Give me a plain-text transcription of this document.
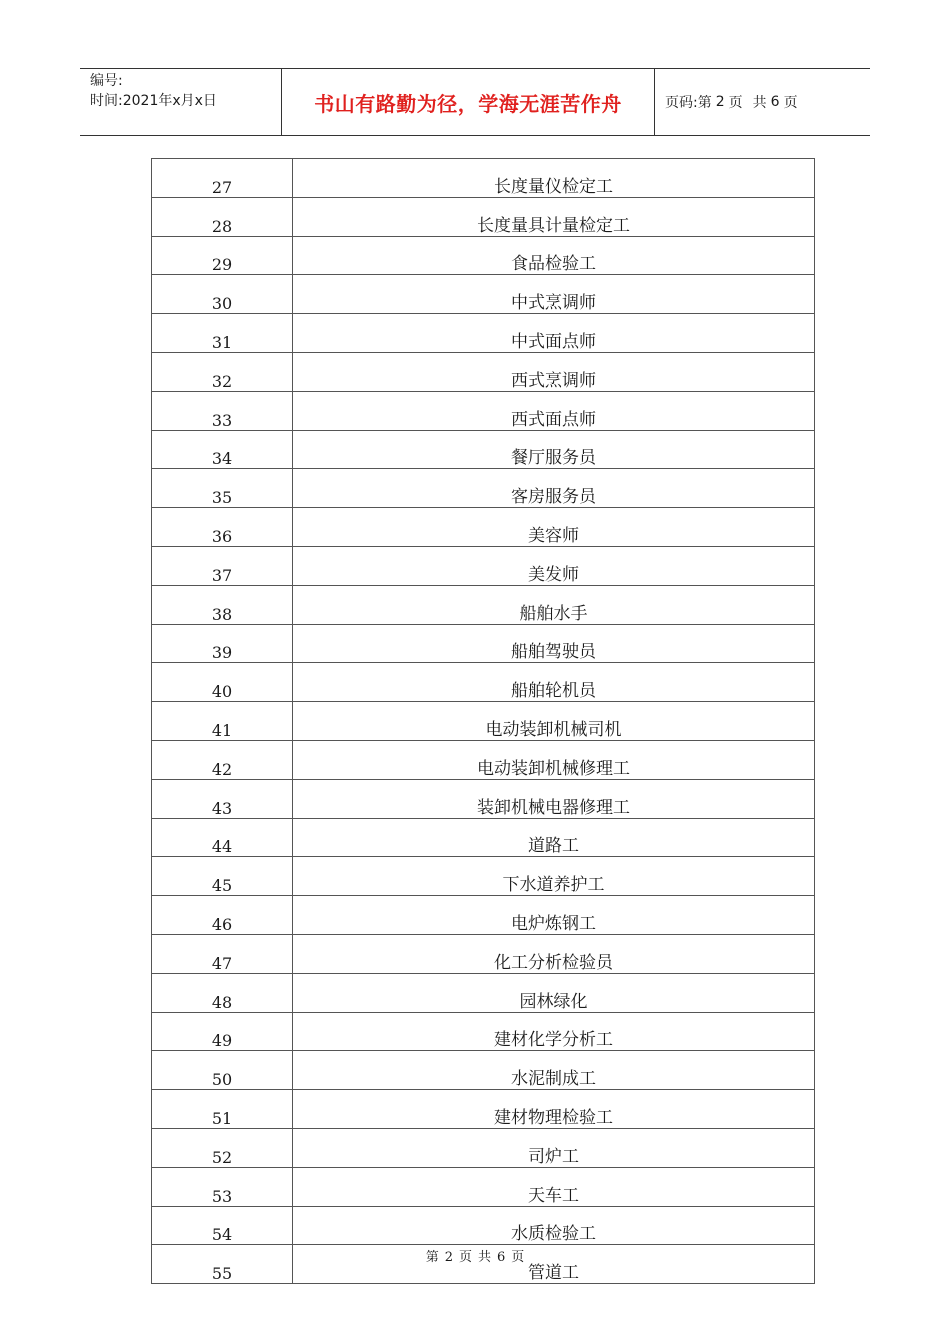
编号:
时间:2021年x月x日	书山有路勤为径，学海无涯苦作舟	页码: 第 2 页 共 6 页
27	长度量仪检定工
28	长度量具计量检定工
29	食品检验工
30	中式烹调师
31	中式面点师
32	西式烹调师
33	西式面点师
34	餐厅服务员
35	客房服务员
36	美容师
37	美发师
38	船舶水手
39	船舶驾驶员
40	船舶轮机员
41	电动装卸机械司机
42	电动装卸机械修理工
43	装卸机械电器修理工
44	道路工
45	下水道养护工
46	电炉炼钢工
47	化工分析检验员
48	园林绿化
49	建材化学分析工
50	水泥制成工
51	建材物理检验工
52	司炉工
53	天车工
54	水质检验工
55	管道工
第 2 页 共 6 页
